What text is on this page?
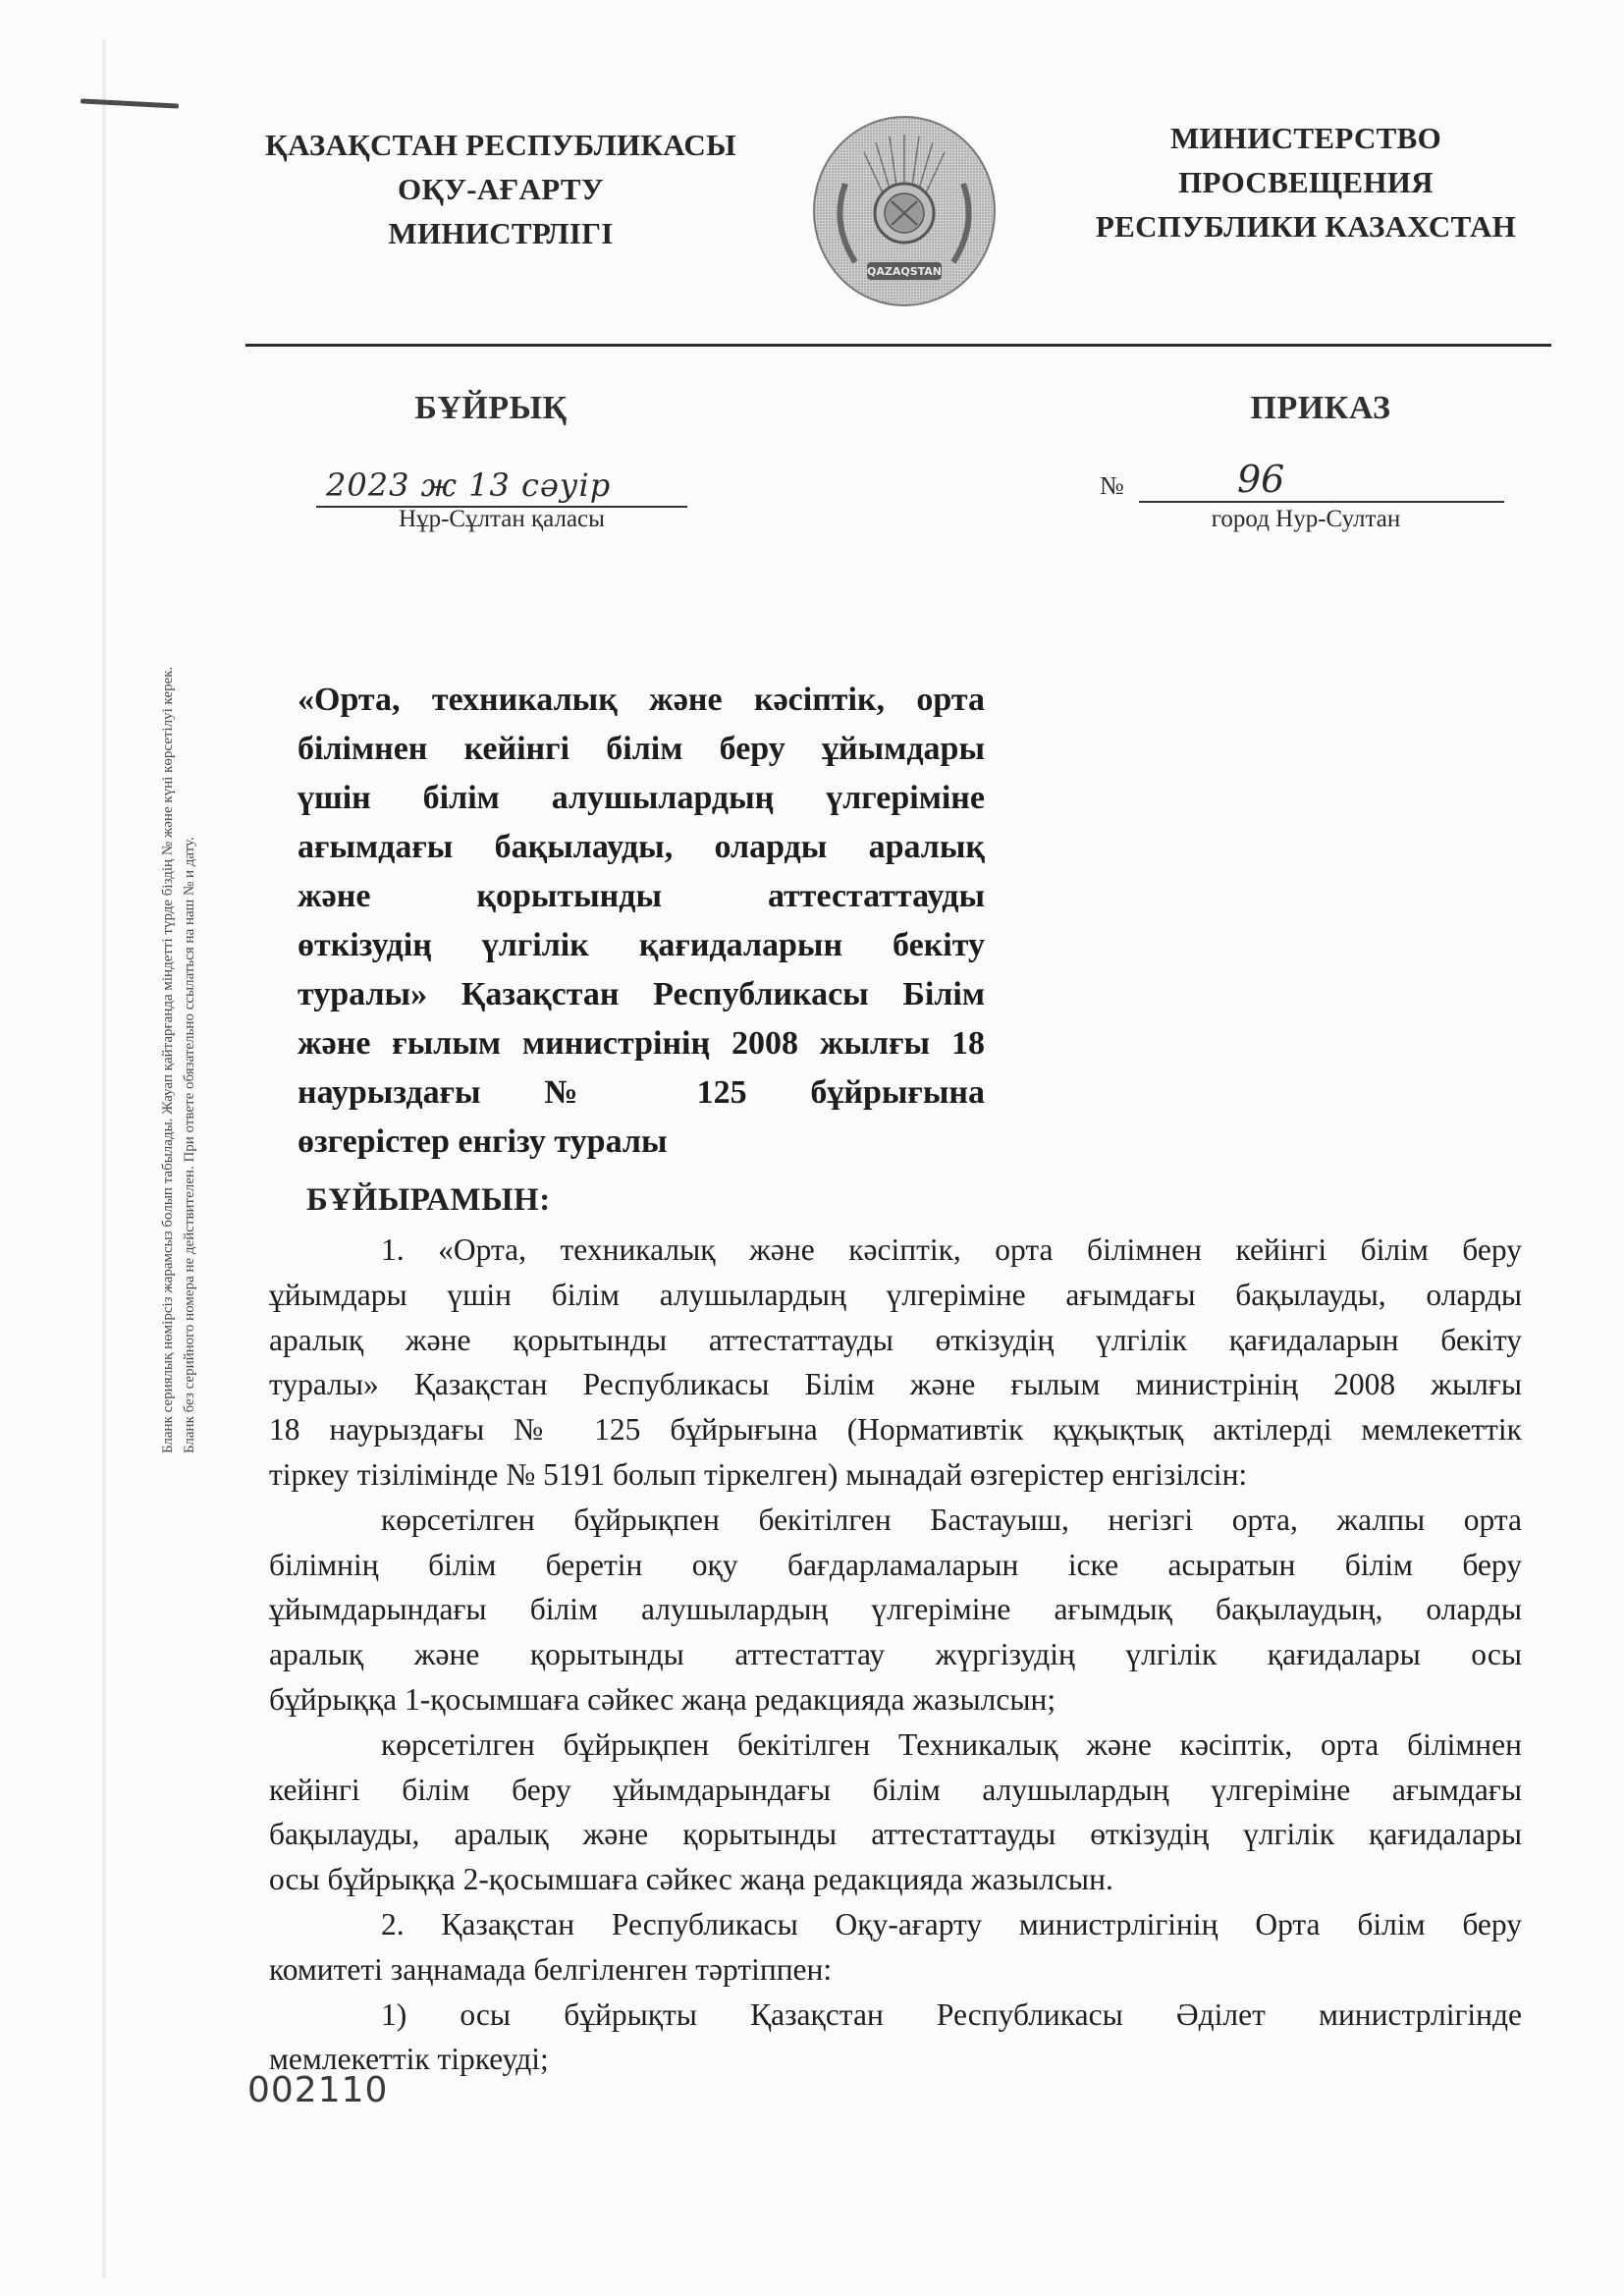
ҚАЗАҚСТАН РЕСПУБЛИКАСЫ
ОҚУ-АҒАРТУ
МИНИСТРЛІГІ
QAZAQSTAN
МИНИСТЕРСТВО
ПРОСВЕЩЕНИЯ
РЕСПУБЛИКИ КАЗАХСТАН
БҰЙРЫҚ	ПРИКАЗ
2023 ж 13 сәуір
Нұр-Сұлтан қаласы
№	96
город Нур-Султан
Бланк сериялық нөмірсіз жарамсыз болып табылады. Жауап қайтарғанда міндетті түрде біздің № және күні көрсетілуі керек. Бланк без серийного номера не действителен. При ответе обязательно ссылаться на наш № и дату.
«Орта, техникалық және кәсіптік, орта
білімнен кейінгі білім беру ұйымдары
үшін білім алушылардың үлгеріміне
ағымдағы бақылауды, оларды аралық
және қорытынды аттестаттауды
өткізудің үлгілік қағидаларын бекіту
туралы» Қазақстан Республикасы Білім
және ғылым министрінің 2008 жылғы 18
наурыздағы № 125 бұйрығына
өзгерістер енгізу туралы
БҰЙЫРАМЫН:
1. «Орта, техникалық және кәсіптік, орта білімнен кейінгі білім беру
ұйымдары үшін білім алушылардың үлгеріміне ағымдағы бақылауды, оларды
аралық және қорытынды аттестаттауды өткізудің үлгілік қағидаларын бекіту
туралы» Қазақстан Республикасы Білім және ғылым министрінің 2008 жылғы
18 наурыздағы № 125 бұйрығына (Нормативтік құқықтық актілерді мемлекеттік
тіркеу тізілімінде № 5191 болып тіркелген) мынадай өзгерістер енгізілсін:
көрсетілген бұйрықпен бекітілген Бастауыш, негізгі орта, жалпы орта
білімнің білім беретін оқу бағдарламаларын іске асыратын білім беру
ұйымдарындағы білім алушылардың үлгеріміне ағымдық бақылаудың, оларды
аралық және қорытынды аттестаттау жүргізудің үлгілік қағидалары осы
бұйрыққа 1-қосымшаға сәйкес жаңа редакцияда жазылсын;
көрсетілген бұйрықпен бекітілген Техникалық және кәсіптік, орта білімнен
кейінгі білім беру ұйымдарындағы білім алушылардың үлгеріміне ағымдағы
бақылауды, аралық және қорытынды аттестаттауды өткізудің үлгілік қағидалары
осы бұйрыққа 2-қосымшаға сәйкес жаңа редакцияда жазылсын.
2. Қазақстан Республикасы Оқу-ағарту министрлігінің Орта білім беру
комитеті заңнамада белгіленген тәртіппен:
1) осы бұйрықты Қазақстан Республикасы Әділет министрлігінде
мемлекеттік тіркеуді;
002110
